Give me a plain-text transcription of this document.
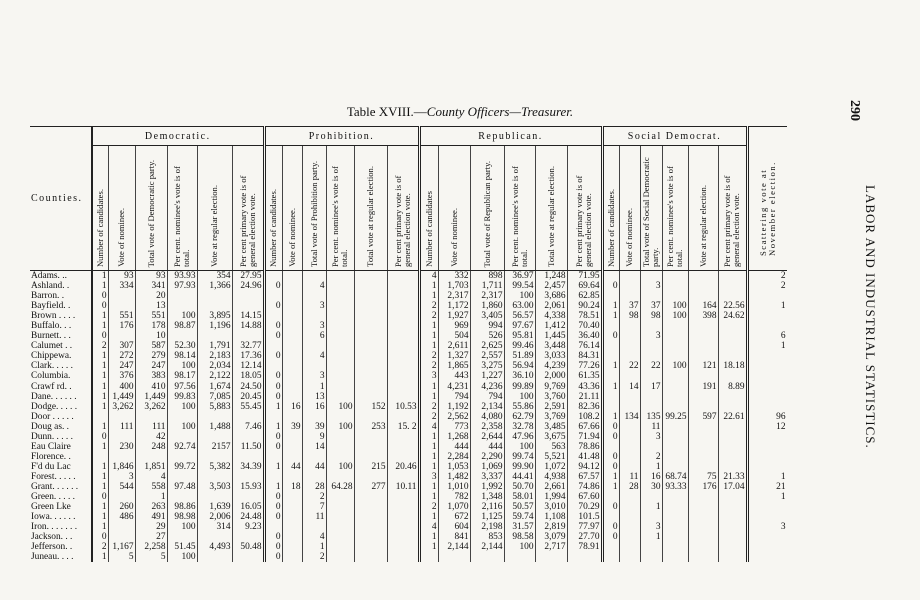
290
LABOR AND INDUSTRIAL STATISTICS.
Table XVIII.—County Officers—Treasurer.
Counties.	Democratic.						Prohibition.						Republican.						Social Democrat.						Scattering vote at November election.
	Number of candidates.	Vote of nominee.	Total vote of Democratic party.	Per cent. nominee's vote is of total.	Vote at regular election.	Per cent primary vote is of general election vote.	Number of candidates.	Vote of nominee.	Total vote of Prohibition party.	Per cent. nominee's vote is of total.	Total vote at regular election.	Per cent primary vote is of general election vote.	Number of candidates	Vote of nominee.	Total vote of Republican party.	Per cent. nominee's vote is of total.	Total vote at regular election.	Per cent primary vote is of general election vote.	Number of candidates.	Vote of nominee.	Total vote of Social Democratic party.	Per cent. nominee's vote is of total.	Vote at regular election.	Per cent primary vote is of general election vote.	
Adams. ..	1	93	93	93.93	354	27.95							4	332	898	36.97	1,248	71.95							2
Ashland. .	1	334	341	97.93	1,366	24.96	0		4				1	1,703	1,711	99.54	2,457	69.64	0		3				2
Barron. .	0		20										1	2,317	2,317	100	3,686	62.85							
Bayfield. .	0		13				0		3				2	1,172	1,860	63.00	2,061	90.24	1	37	37	100	164	22.56	1
Brown . . . .	1	551	551	100	3,895	14.15							2	1,927	3,405	56.57	4,338	78.51	1	98	98	100	398	24.62	
Buffalo. . .	1	176	178	98.87	1,196	14.88	0		3				1	969	994	97.67	1,412	70.40							
Burnett. . .	0		10				0		6				1	504	526	95.81	1,445	36.40	0		3				6
Calumet . .	2	307	587	52.30	1,791	32.77							1	2,611	2,625	99.46	3,448	76.14							1
Chippewa.	1	272	279	98.14	2,183	17.36	0		4				2	1,327	2,557	51.89	3,033	84.31							
Clark. . . . .	1	247	247	100	2,034	12.14							2	1,865	3,275	56.94	4,239	77.26	1	22	22	100	121	18.18	
Columbia.	1	376	383	98.17	2,122	18.05	0		3				3	443	1,227	36.10	2,000	61.35							
Crawf rd. .	1	400	410	97.56	1,674	24.50	0		1				1	4,231	4,236	99.89	9,769	43.36	1	14	17		191	8.89	
Dane. . . . . .	1	1,449	1,449	99.83	7,085	20.45	0		13				1	794	794	100	3,760	21.11							
Dodge. . . . .	1	3,262	3,262	100	5,883	55.45	1	16	16	100	152	10.53	2	1,192	2,134	55.86	2,591	82.36							
Door . . . . .													2	2,562	4,080	62.79	3,769	108.2	1	134	135	99.25	597	22.61	96
Doug as. .	1	111	111	100	1,488	7.46	1	39	39	100	253	15. 2	4	773	2,358	32.78	3,485	67.66	0		11				12
Dunn. . . . .	0		42				0		9				1	1,268	2,644	47.96	3,675	71.94	0		3				
Eau Claire	1	230	248	92.74	2157	11.50	0		14				1	444	444	100	563	78.86							
Florence. .													1	2,284	2,290	99.74	5,521	41.48	0		2				
F'd du Lac	1	1,846	1,851	99.72	5,382	34.39	1	44	44	100	215	20.46	1	1,053	1,069	99.90	1,072	94.12	0		1				
Forest. . . . .	1	3	4										3	1,482	3,337	44.41	4,938	67.57	1	11	16	68.74	75	21.33	1
Grant. . . . . .	1	544	558	97.48	3,503	15.93	1	18	28	64.28	277	10.11	1	1,010	1,992	50.70	2,661	74.86	1	28	30	93.33	176	17.04	21
Green. . . . .	0		1				0		2				1	782	1,348	58.01	1,994	67.60							1
Green Lke	1	260	263	98.86	1,639	16.05	0		7				2	1,070	2,116	50.57	3,010	70.29	0		1				
Iowa. . . . . .	1	486	491	98.98	2,006	24.48	0		11				1	672	1,125	59.74	1,108	101.5							
Iron. . . . . . .	1		29	100	314	9.23							4	604	2,198	31.57	2,819	77.97	0		3				3
Jackson. . .	0		27				0		4				1	841	853	98.58	3,079	27.70	0		1				
Jefferson. .	2	1,167	2,258	51.45	4,493	50.48	0		1				1	2,144	2,144	100	2,717	78.91							
Juneau. . . .	1	5	5	100			0		2																
